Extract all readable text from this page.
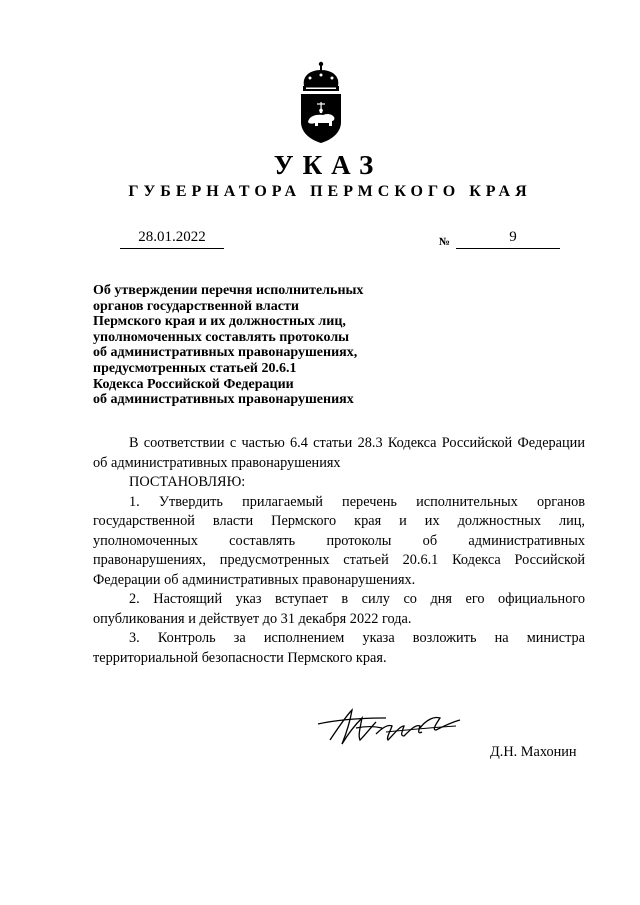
УКАЗ
ГУБЕРНАТОРА ПЕРМСКОГО КРАЯ
28.01.2022	№	9
Об утверждении перечня исполнительных
органов государственной власти
Пермского края и их должностных лиц,
уполномоченных составлять протоколы
об административных правонарушениях,
предусмотренных статьей 20.6.1
Кодекса Российской Федерации
об административных правонарушениях
В соответствии с частью 6.4 статьи 28.3 Кодекса Российской Федерации об административных правонарушениях
ПОСТАНОВЛЯЮ:
1. Утвердить прилагаемый перечень исполнительных органов государственной власти Пермского края и их должностных лиц, уполномоченных составлять протоколы об административных правонарушениях, предусмотренных статьей 20.6.1 Кодекса Российской Федерации об административных правонарушениях.
2. Настоящий указ вступает в силу со дня его официального опубликования и действует до 31 декабря 2022 года.
3. Контроль за исполнением указа возложить на министра территориальной безопасности Пермского края.
Д.Н. Махонин
